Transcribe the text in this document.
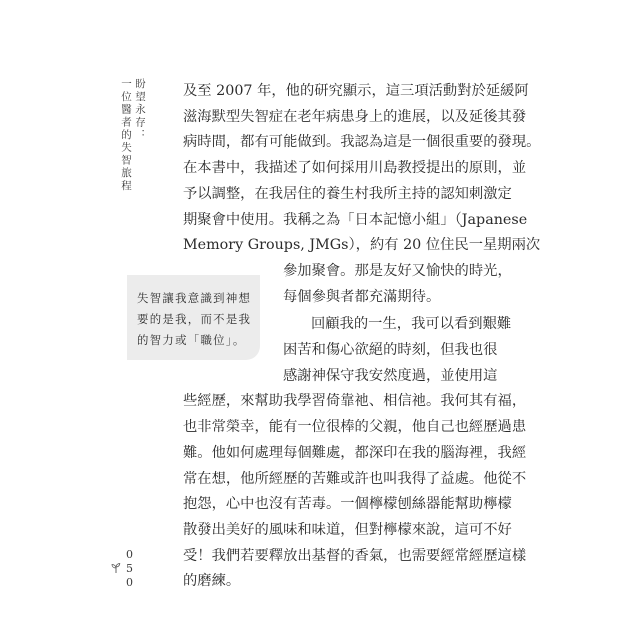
盼望永存：
一位醫者的失智旅程
失智讓我意識到神想
要的是我，而不是我
的智力或「職位」。

及至 2007 年，他的研究顯示，這三項活動對於延緩阿
滋海默型失智症在老年病患身上的進展，以及延後其發
病時間，都有可能做到。我認為這是一個很重要的發現。
在本書中，我描述了如何採用川島教授提出的原則，並
予以調整，在我居住的養生村我所主持的認知刺激定
期聚會中使用。我稱之為「日本記憶小組」（Japanese
Memory Groups, JMGs），約有 20 位住民一星期兩次
參加聚會。那是友好又愉快的時光，
每個參與者都充滿期待。

回顧我的一生，我可以看到艱難
困苦和傷心欲絕的時刻，但我也很
感謝神保守我安然度過，並使用這
些經歷，來幫助我學習倚靠祂、相信祂。我何其有福，
也非常榮幸，能有一位很棒的父親，他自己也經歷過患
難。他如何處理每個難處，都深印在我的腦海裡，我經
常在想，他所經歷的苦難或許也叫我得了益處。他從不
抱怨，心中也沒有苦毒。一個檸檬刨絲器能幫助檸檬
散發出美好的風味和味道，但對檸檬來說，這可不好
受！我們若要釋放出基督的香氣，也需要經常經歷這樣
的磨練。

050
